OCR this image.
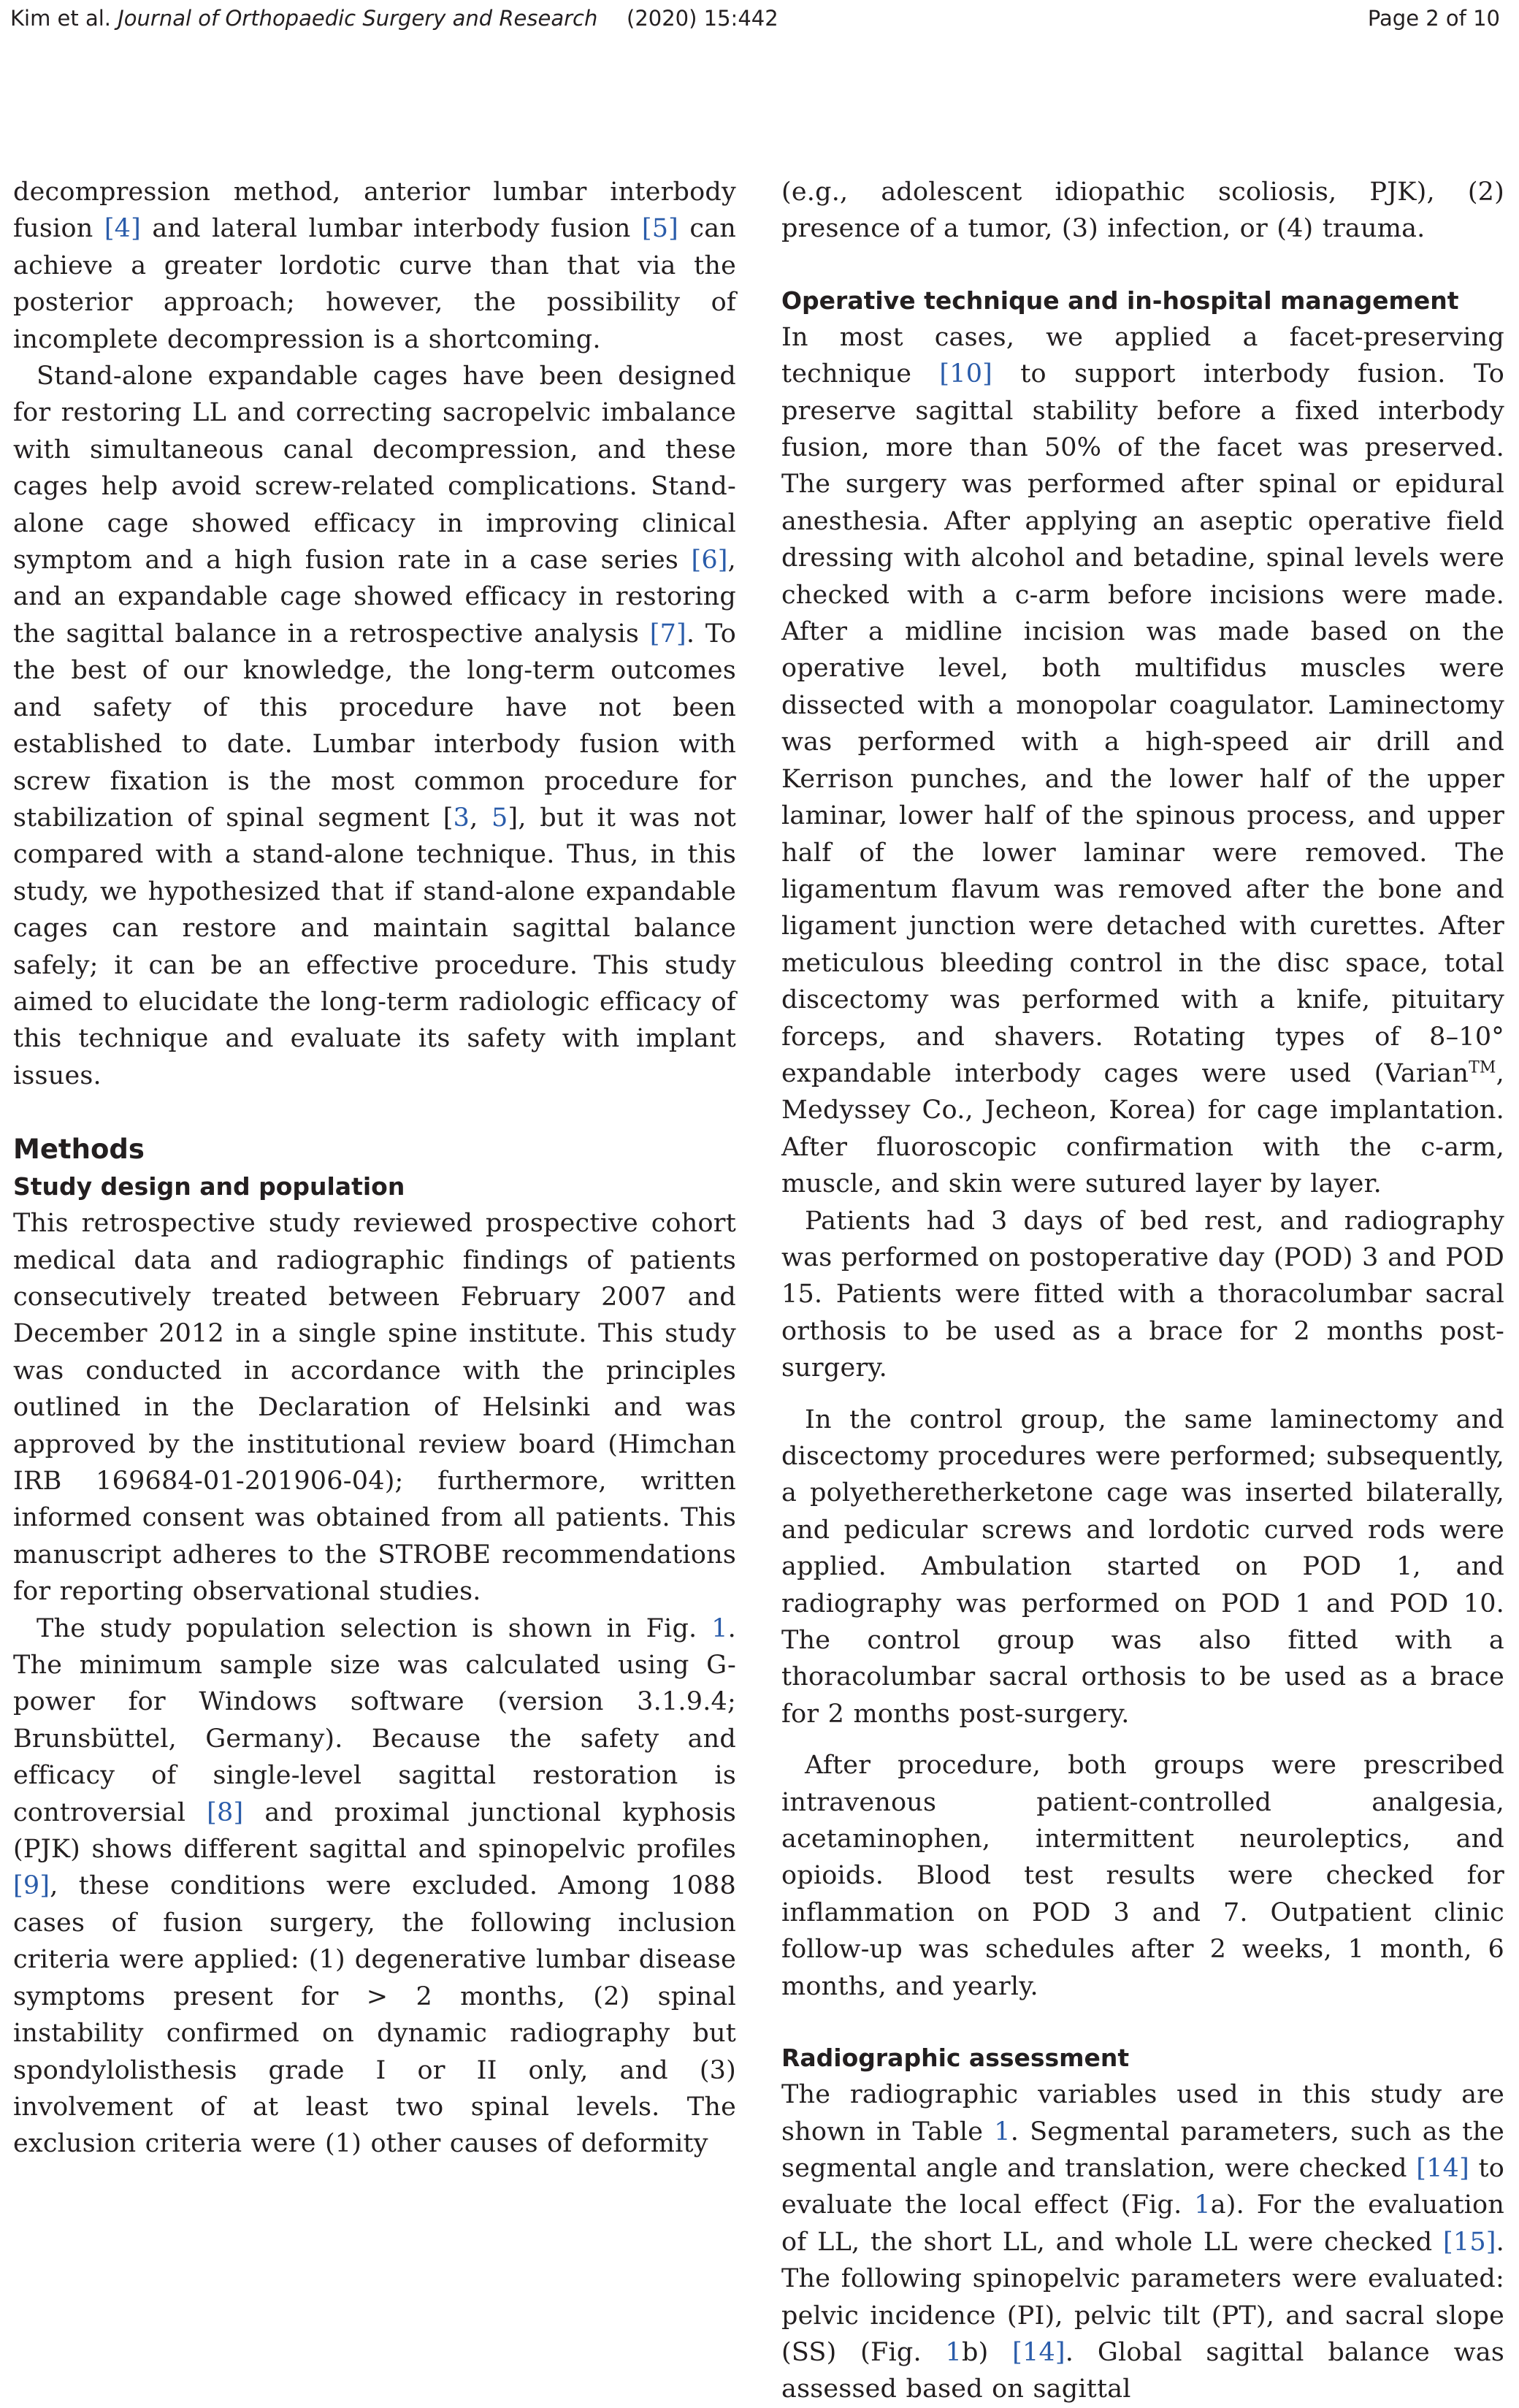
Kim et al. Journal of Orthopaedic Surgery and Research (2020) 15:442	Page 2 of 10

decompression method, anterior lumbar interbody fusion [4] and lateral lumbar interbody fusion [5] can achieve a greater lordotic curve than that via the posterior approach; however, the possibility of incomplete decompression is a shortcoming.

Stand-alone expandable cages have been designed for restoring LL and correcting sacropelvic imbalance with simultaneous canal decompression, and these cages help avoid screw-related complications. Stand-alone cage showed efficacy in improving clinical symptom and a high fusion rate in a case series [6], and an expandable cage showed efficacy in restoring the sagittal balance in a retrospective analysis [7]. To the best of our knowledge, the long-term outcomes and safety of this procedure have not been established to date. Lumbar interbody fusion with screw fixation is the most common procedure for stabilization of spinal segment [3, 5], but it was not compared with a stand-alone technique. Thus, in this study, we hypothesized that if stand-alone expandable cages can restore and maintain sagittal balance safely; it can be an effective procedure. This study aimed to elucidate the long-term radiologic efficacy of this technique and evaluate its safety with implant issues.

Methods
Study design and population

This retrospective study reviewed prospective cohort medical data and radiographic findings of patients consecutively treated between February 2007 and December 2012 in a single spine institute. This study was conducted in accordance with the principles outlined in the Declaration of Helsinki and was approved by the institutional review board (Himchan IRB 169684-01-201906-04); furthermore, written informed consent was obtained from all patients. This manuscript adheres to the STROBE recommendations for reporting observational studies.

The study population selection is shown in Fig. 1. The minimum sample size was calculated using G-power for Windows software (version 3.1.9.4; Brunsbüttel, Germany). Because the safety and efficacy of single-level sagittal restoration is controversial [8] and proximal junctional kyphosis (PJK) shows different sagittal and spinopelvic profiles [9], these conditions were excluded. Among 1088 cases of fusion surgery, the following inclusion criteria were applied: (1) degenerative lumbar disease symptoms present for > 2 months, (2) spinal instability confirmed on dynamic radiography but spondylolisthesis grade I or II only, and (3) involvement of at least two spinal levels. The exclusion criteria were (1) other causes of deformity

(e.g., adolescent idiopathic scoliosis, PJK), (2) presence of a tumor, (3) infection, or (4) trauma.

Operative technique and in-hospital management

In most cases, we applied a facet-preserving technique [10] to support interbody fusion. To preserve sagittal stability before a fixed interbody fusion, more than 50% of the facet was preserved. The surgery was performed after spinal or epidural anesthesia. After applying an aseptic operative field dressing with alcohol and betadine, spinal levels were checked with a c-arm before incisions were made. After a midline incision was made based on the operative level, both multifidus muscles were dissected with a monopolar coagulator. Laminectomy was performed with a high-speed air drill and Kerrison punches, and the lower half of the upper laminar, lower half of the spinous process, and upper half of the lower laminar were removed. The ligamentum flavum was removed after the bone and ligament junction were detached with curettes. After meticulous bleeding control in the disc space, total discectomy was performed with a knife, pituitary forceps, and shavers. Rotating types of 8–10° expandable interbody cages were used (Varian™, Medyssey Co., Jecheon, Korea) for cage implantation. After fluoroscopic confirmation with the c-arm, muscle, and skin were sutured layer by layer.

Patients had 3 days of bed rest, and radiography was performed on postoperative day (POD) 3 and POD 15. Patients were fitted with a thoracolumbar sacral orthosis to be used as a brace for 2 months post-surgery.

In the control group, the same laminectomy and discectomy procedures were performed; subsequently, a polyetheretherketone cage was inserted bilaterally, and pedicular screws and lordotic curved rods were applied. Ambulation started on POD 1, and radiography was performed on POD 1 and POD 10. The control group was also fitted with a thoracolumbar sacral orthosis to be used as a brace for 2 months post-surgery.

After procedure, both groups were prescribed intravenous patient-controlled analgesia, acetaminophen, intermittent neuroleptics, and opioids. Blood test results were checked for inflammation on POD 3 and 7. Outpatient clinic follow-up was schedules after 2 weeks, 1 month, 6 months, and yearly.

Radiographic assessment

The radiographic variables used in this study are shown in Table 1. Segmental parameters, such as the segmental angle and translation, were checked [14] to evaluate the local effect (Fig. 1a). For the evaluation of LL, the short LL, and whole LL were checked [15]. The following spinopelvic parameters were evaluated: pelvic incidence (PI), pelvic tilt (PT), and sacral slope (SS) (Fig. 1b) [14]. Global sagittal balance was assessed based on sagittal
